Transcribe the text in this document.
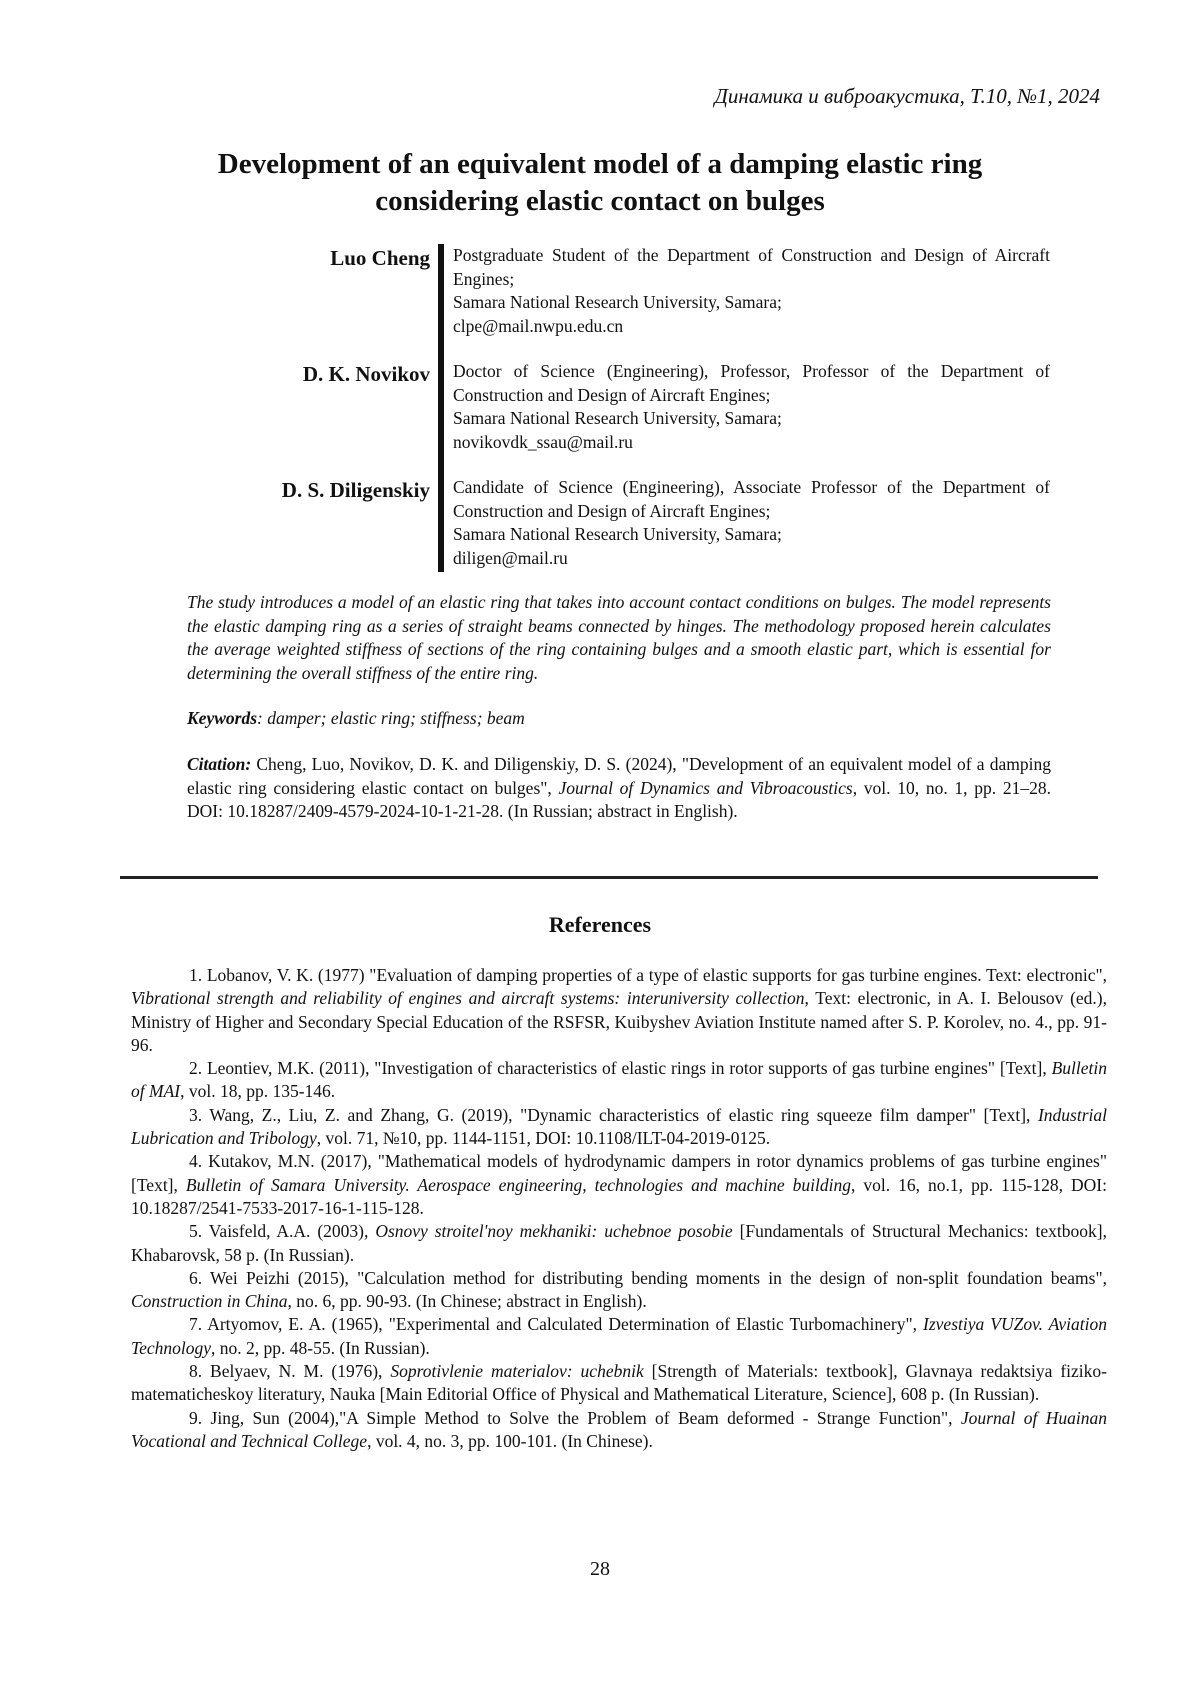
Динамика и виброакустика, Т.10, №1, 2024
Development of an equivalent model of a damping elastic ring considering elastic contact on bulges
Luo Cheng	Postgraduate Student of the Department of Construction and Design of Aircraft Engines;
Samara National Research University, Samara;
clpe@mail.nwpu.edu.cn
D. K. Novikov	Doctor of Science (Engineering), Professor, Professor of the Department of Construction and Design of Aircraft Engines;
Samara National Research University, Samara;
novikovdk_ssau@mail.ru
D. S. Diligenskiy	Candidate of Science (Engineering), Associate Professor of the Department of Construction and Design of Aircraft Engines;
Samara National Research University, Samara;
diligen@mail.ru

The study introduces a model of an elastic ring that takes into account contact conditions on bulges. The model represents the elastic damping ring as a series of straight beams connected by hinges. The methodology proposed herein calculates the average weighted stiffness of sections of the ring containing bulges and a smooth elastic part, which is essential for determining the overall stiffness of the entire ring.

Keywords: damper; elastic ring; stiffness; beam

Citation: Cheng, Luo, Novikov, D. K. and Diligenskiy, D. S. (2024), "Development of an equivalent model of a damping elastic ring considering elastic contact on bulges", Journal of Dynamics and Vibroacoustics, vol. 10, no. 1, pp. 21–28. DOI: 10.18287/2409-4579-2024-10-1-21-28. (In Russian; abstract in English).

References

1. Lobanov, V. K. (1977) "Evaluation of damping properties of a type of elastic supports for gas turbine engines. Text: electronic", Vibrational strength and reliability of engines and aircraft systems: interuniversity collection, Text: electronic, in A. I. Belousov (ed.), Ministry of Higher and Secondary Special Education of the RSFSR, Kuibyshev Aviation Institute named after S. P. Korolev, no. 4., pp. 91-96.

2. Leontiev, M.K. (2011), "Investigation of characteristics of elastic rings in rotor supports of gas turbine engines" [Text], Bulletin of MAI, vol. 18, pp. 135-146.

3. Wang, Z., Liu, Z. and Zhang, G. (2019), "Dynamic characteristics of elastic ring squeeze film damper" [Text], Industrial Lubrication and Tribology, vol. 71, №10, pp. 1144-1151, DOI: 10.1108/ILT-04-2019-0125.

4. Kutakov, M.N. (2017), "Mathematical models of hydrodynamic dampers in rotor dynamics problems of gas turbine engines" [Text], Bulletin of Samara University. Aerospace engineering, technologies and machine building, vol. 16, no.1, pp. 115-128, DOI: 10.18287/2541-7533-2017-16-1-115-128.

5. Vaisfeld, A.A. (2003), Osnovy stroitel'noy mekhaniki: uchebnoe posobie [Fundamentals of Structural Mechanics: textbook], Khabarovsk, 58 p. (In Russian).

6. Wei Peizhi (2015), "Calculation method for distributing bending moments in the design of non-split foundation beams", Construction in China, no. 6, pp. 90-93. (In Chinese; abstract in English).

7. Artyomov, E. A. (1965), "Experimental and Calculated Determination of Elastic Turbomachinery", Izvestiya VUZov. Aviation Technology, no. 2, pp. 48-55. (In Russian).

8. Belyaev, N. M. (1976), Soprotivlenie materialov: uchebnik [Strength of Materials: textbook], Glavnaya redaktsiya fiziko-matematicheskoy literatury, Nauka [Main Editorial Office of Physical and Mathematical Literature, Science], 608 p. (In Russian).

9. Jing, Sun (2004),"A Simple Method to Solve the Problem of Beam deformed - Strange Function", Journal of Huainan Vocational and Technical College, vol. 4, no. 3, pp. 100-101. (In Chinese).

28
